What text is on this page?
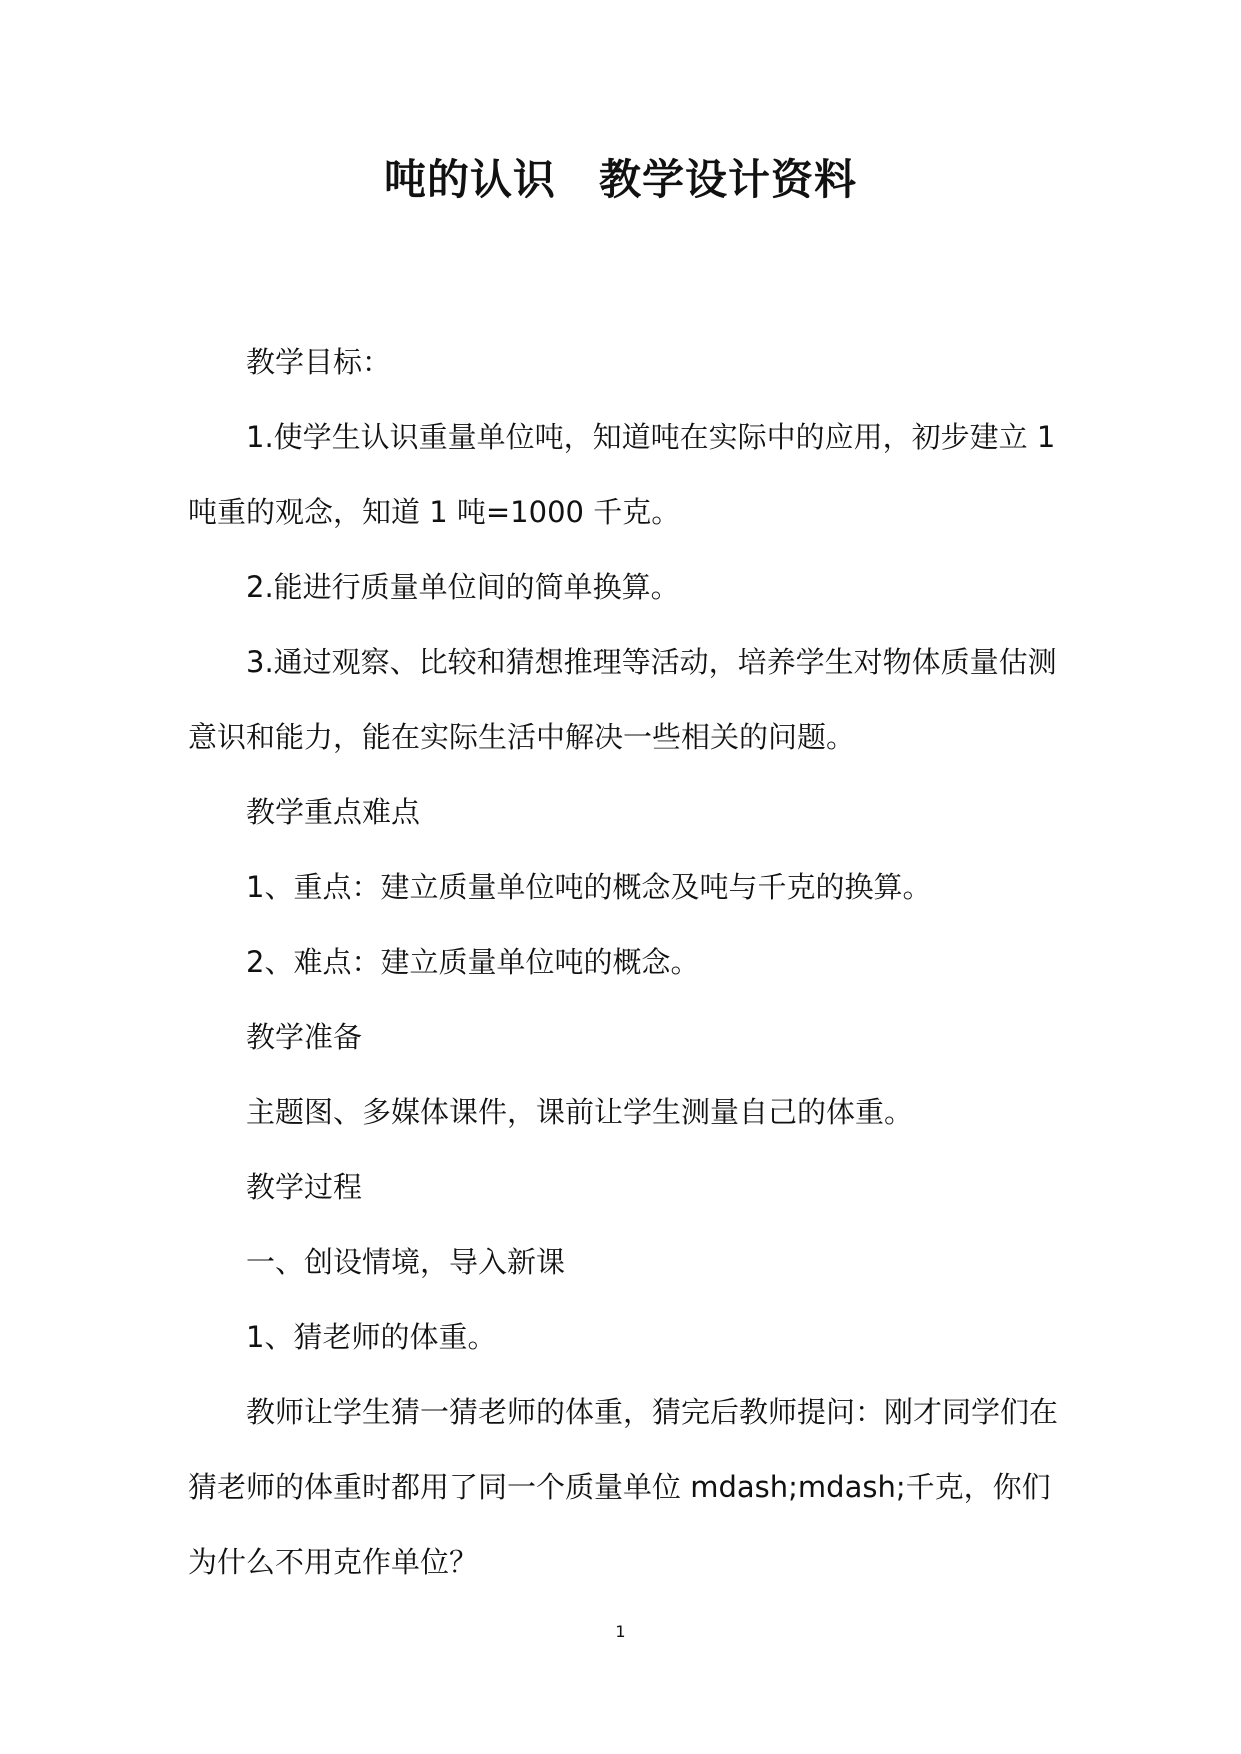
吨的认识　教学设计资料

教学目标：

1.使学生认识重量单位吨，知道吨在实际中的应用，初步建立 1 吨重的观念，知道 1 吨=1000 千克。

2.能进行质量单位间的简单换算。

3.通过观察、比较和猜想推理等活动，培养学生对物体质量估测意识和能力，能在实际生活中解决一些相关的问题。

教学重点难点

1、重点：建立质量单位吨的概念及吨与千克的换算。

2、难点：建立质量单位吨的概念。

教学准备

主题图、多媒体课件，课前让学生测量自己的体重。

教学过程

一、创设情境，导入新课

1、猜老师的体重。

教师让学生猜一猜老师的体重，猜完后教师提问：刚才同学们在猜老师的体重时都用了同一个质量单位 mdash;mdash;千克，你们为什么不用克作单位？

1
